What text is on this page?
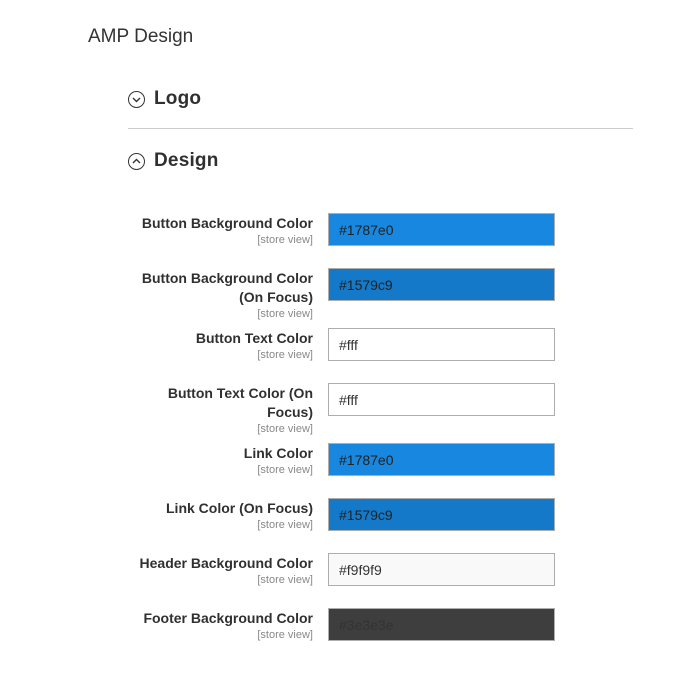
AMP Design
Logo
Design
Button Background Color
[store view]
#1787e0
Button Background Color (On Focus)
[store view]
#1579c9
Button Text Color
[store view]
#fff
Button Text Color (On Focus)
[store view]
#fff
Link Color
[store view]
#1787e0
Link Color (On Focus)
[store view]
#1579c9
Header Background Color
[store view]
#f9f9f9
Footer Background Color
[store view]
#3e3e3e
